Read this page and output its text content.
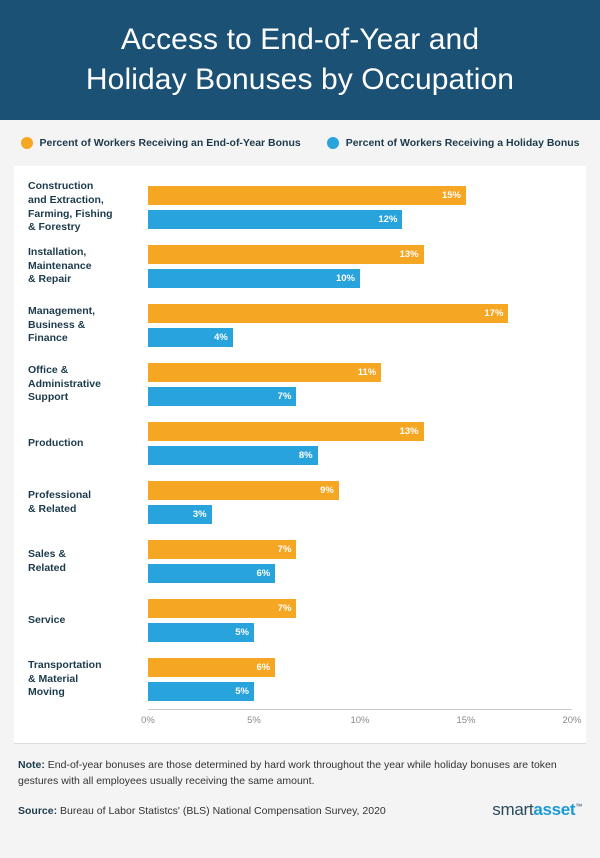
Access to End-of-Year and
Holiday Bonuses by Occupation
Percent of Workers Receiving an End-of-Year Bonus	Percent of Workers Receiving a Holiday Bonus
Construction
and Extraction,
Farming, Fishing
& Forestry
15%
12%
Installation,
Maintenance
& Repair
13%
10%
Management,
Business &
Finance
17%
4%
Office &
Administrative
Support
11%
7%
Production
13%
8%
Professional
& Related
9%
3%
Sales &
Related
7%
6%
Service
7%
5%
Transportation
& Material
Moving
6%
5%
0%	5%	10%	15%	20%
Note: End-of-year bonuses are those determined by hard work throughout the year while holiday bonuses are token gestures with all employees usually receiving the same amount.
Source: Bureau of Labor Statistcs' (BLS) National Compensation Survey, 2020	smartasset™
